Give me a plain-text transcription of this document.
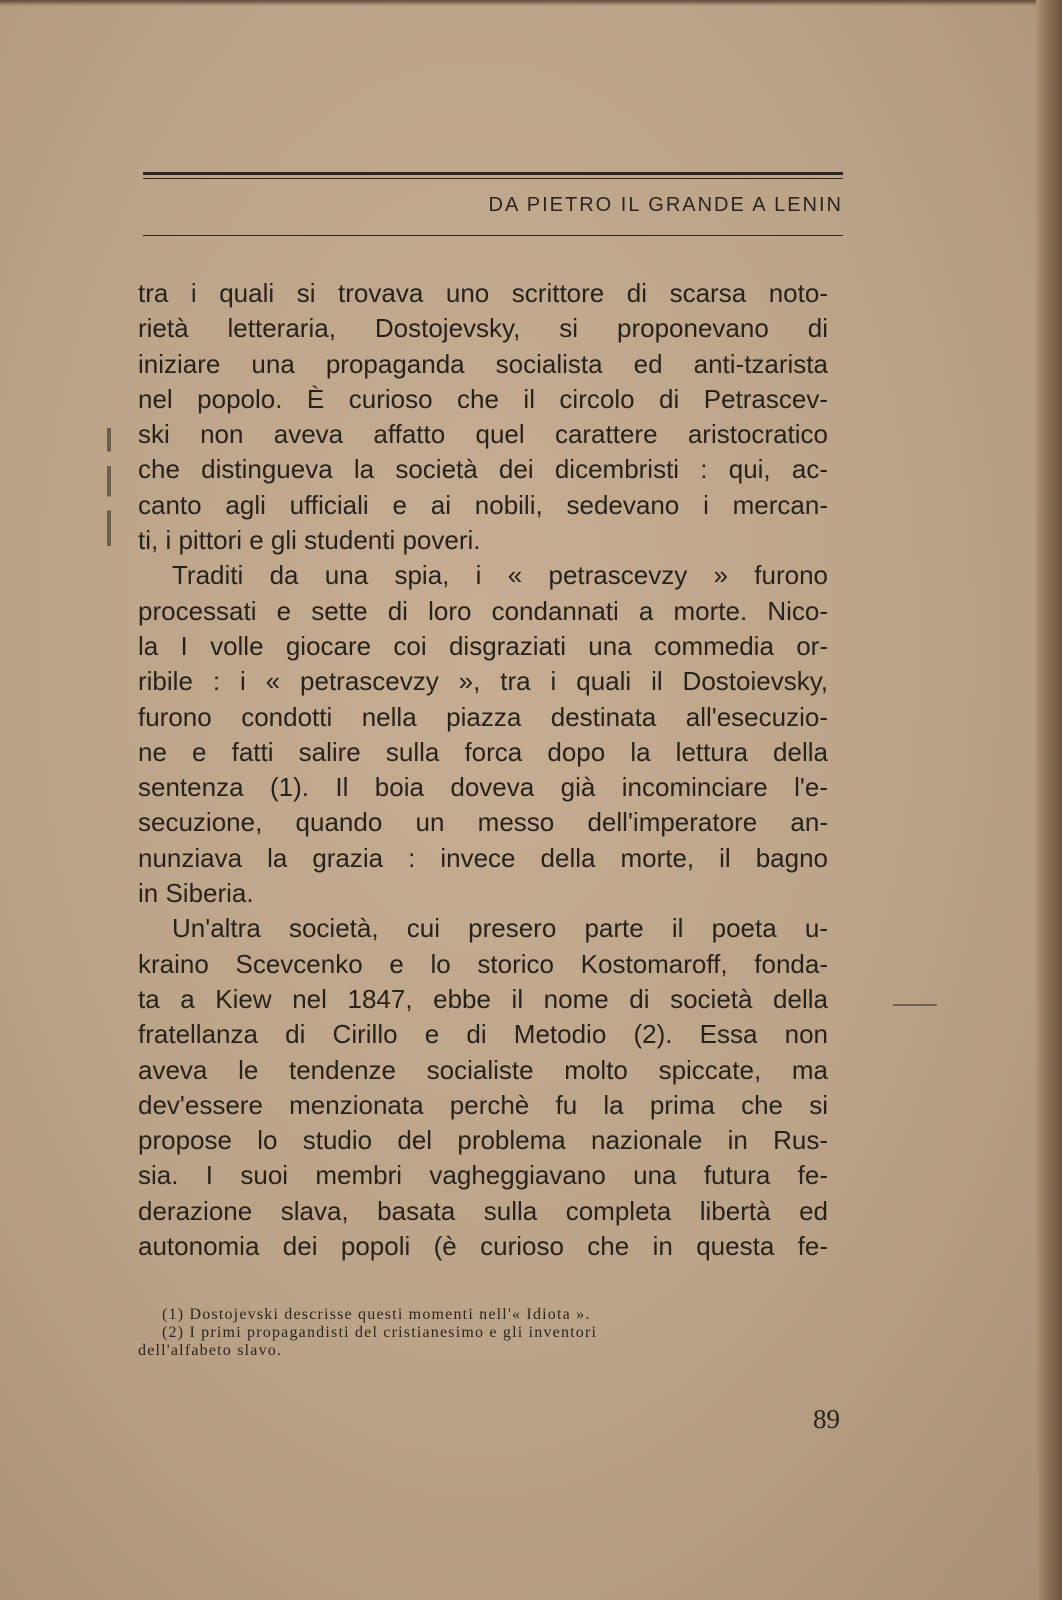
DA PIETRO IL GRANDE A LENIN
tra i quali si trovava uno scrittore di scarsa noto-
rietà letteraria, Dostojevsky, si proponevano di
iniziare una propaganda socialista ed anti-tzarista
nel popolo. È curioso che il circolo di Petrascev-
ski non aveva affatto quel carattere aristocratico
che distingueva la società dei dicembristi : qui, ac-
canto agli ufficiali e ai nobili, sedevano i mercan-
ti, i pittori e gli studenti poveri.
Traditi da una spia, i « petrascevzy » furono
processati e sette di loro condannati a morte. Nico-
la I volle giocare coi disgraziati una commedia or-
ribile : i « petrascevzy », tra i quali il Dostoievsky,
furono condotti nella piazza destinata all'esecuzio-
ne e fatti salire sulla forca dopo la lettura della
sentenza (1). Il boia doveva già incominciare l'e-
secuzione, quando un messo dell'imperatore an-
nunziava la grazia : invece della morte, il bagno
in Siberia.
Un'altra società, cui presero parte il poeta u-
kraino Scevcenko e lo storico Kostomaroff, fonda-
ta a Kiew nel 1847, ebbe il nome di società della
fratellanza di Cirillo e di Metodio (2). Essa non
aveva le tendenze socialiste molto spiccate, ma
dev'essere menzionata perchè fu la prima che si
propose lo studio del problema nazionale in Rus-
sia. I suoi membri vagheggiavano una futura fe-
derazione slava, basata sulla completa libertà ed
autonomia dei popoli (è curioso che in questa fe-
(1) Dostojevski descrisse questi momenti nell'« Idiota ».
(2) I primi propagandisti del cristianesimo e gli inventori
dell'alfabeto slavo.
89
